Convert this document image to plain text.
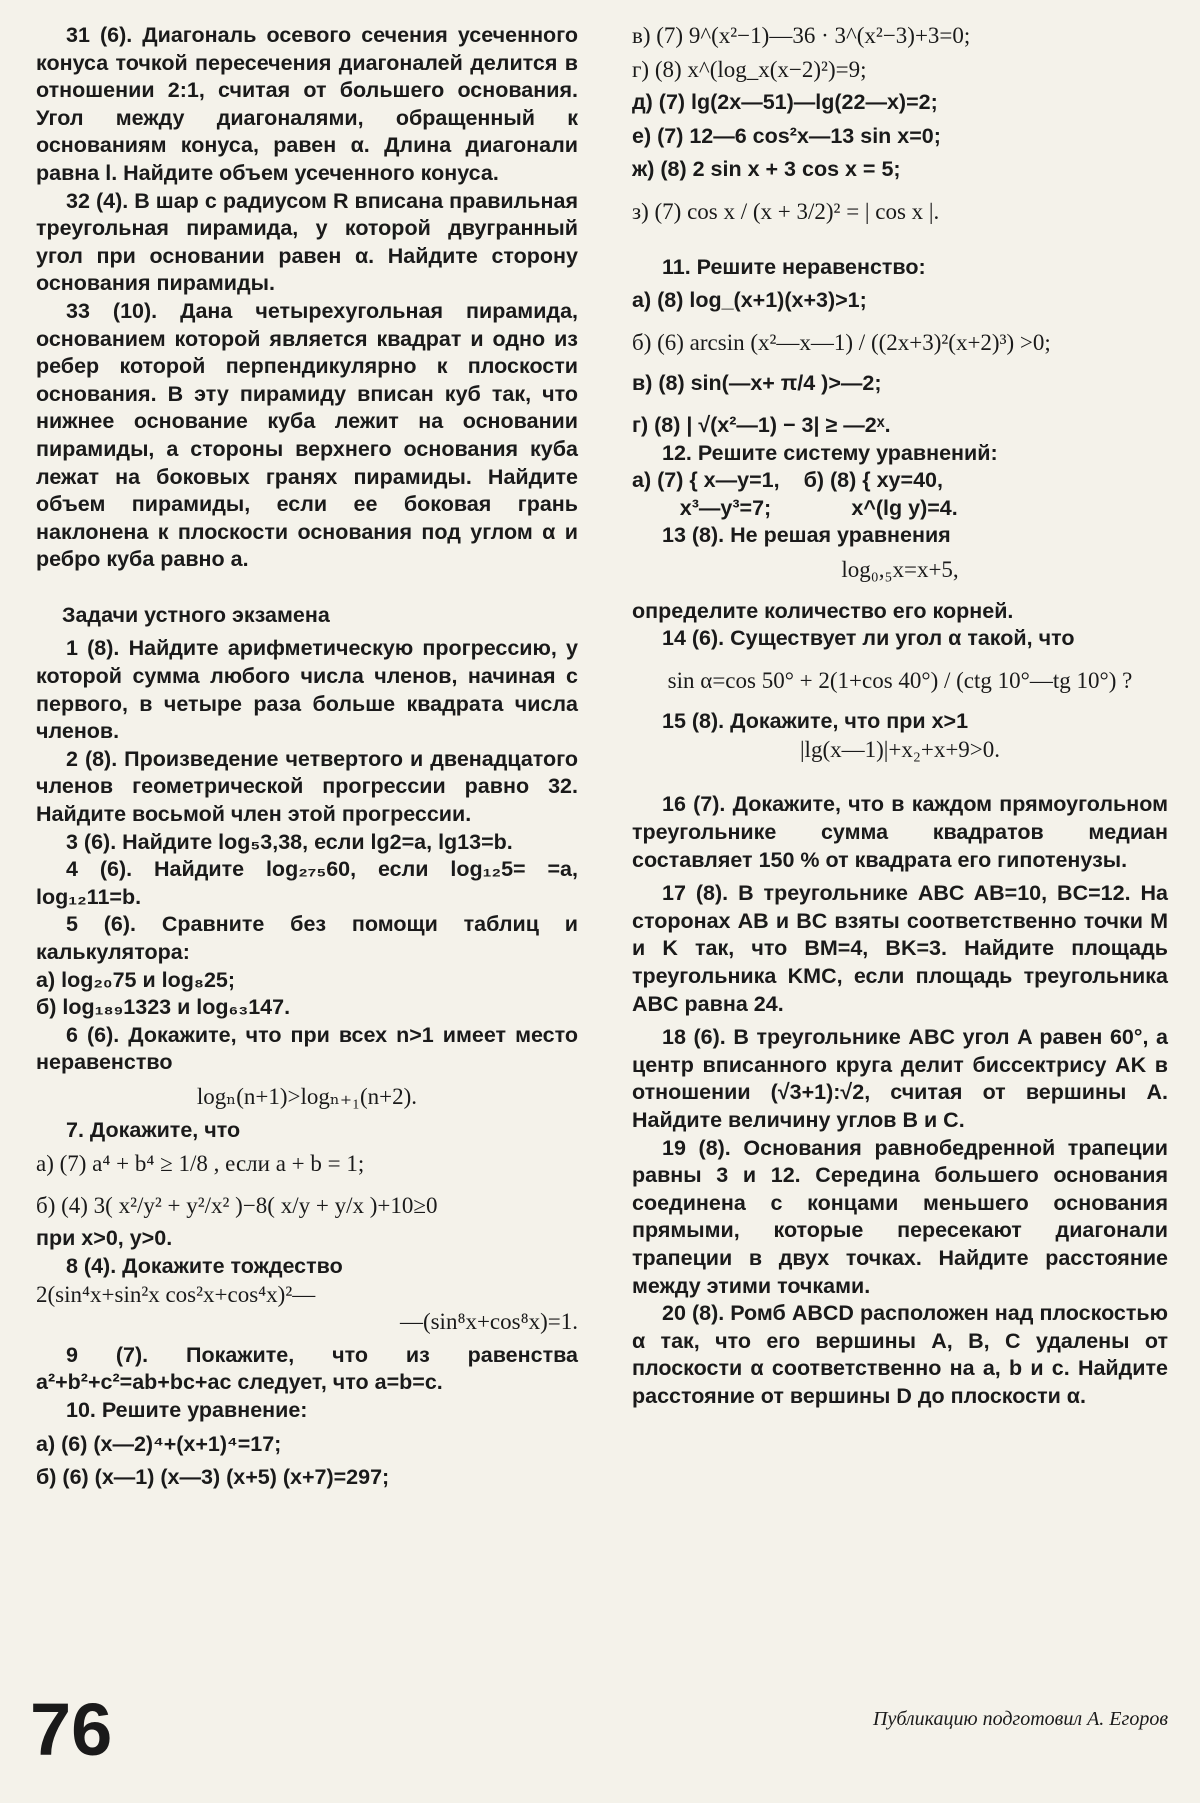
31 (6). Диагональ осевого сечения усеченного конуса точкой пересечения диагоналей делится в отношении 2:1, считая от большего основания. Угол между диагоналями, обращенный к основаниям конуса, равен α. Длина диагонали равна l. Найдите объем усеченного конуса.

32 (4). В шар с радиусом R вписана правильная треугольная пирамида, у которой двугранный угол при основании равен α. Найдите сторону основания пирамиды.

33 (10). Дана четырехугольная пирамида, основанием которой является квадрат и одно из ребер которой перпендикулярно к плоскости основания. В эту пирамиду вписан куб так, что нижнее основание куба лежит на основании пирамиды, а стороны верхнего основания куба лежат на боковых гранях пирамиды. Найдите объем пирамиды, если ее боковая грань наклонена к плоскости основания под углом α и ребро куба равно a.

Задачи устного экзамена

1 (8). Найдите арифметическую прогрессию, у которой сумма любого числа членов, начиная с первого, в четыре раза больше квадрата числа членов.

2 (8). Произведение четвертого и двенадцатого членов геометрической прогрессии равно 32. Найдите восьмой член этой прогрессии.

3 (6). Найдите log₅3,38, если lg2=a, lg13=b.

4 (6). Найдите log₂₇₅60, если log₁₂5= =a, log₁₂11=b.

5 (6). Сравните без помощи таблиц и калькулятора:

а) log₂₀75 и log₈25;

б) log₁₈₉1323 и log₆₃147.

6 (6). Докажите, что при всех n>1 имеет место неравенство

logₙ(n+1)>logₙ₊₁(n+2).

7. Докажите, что

а) (7) a⁴ + b⁴ ≥ 1/8 , если a + b = 1;

б) (4) 3( x²/y² + y²/x² )−8( x/y + y/x )+10≥0

при x>0, y>0.

8 (4). Докажите тождество

2(sin⁴x+sin²x cos²x+cos⁴x)²—

—(sin⁸x+cos⁸x)=1.

9 (7). Покажите, что из равенства a²+b²+c²=ab+bc+ac следует, что a=b=c.

10. Решите уравнение:

а) (6) (x—2)⁴+(x+1)⁴=17;

б) (6) (x—1) (x—3) (x+5) (x+7)=297;

в) (7) 9^(x²−1)—36 · 3^(x²−3)+3=0;

г) (8) x^(log_x(x−2)²)=9;

д) (7) lg(2x—51)—lg(22—x)=2;

е) (7) 12—6 cos²x—13 sin x=0;

ж) (8) 2 sin x + 3 cos x = 5;

з) (7) cos x / (x + 3/2)² = | cos x |.

11. Решите неравенство:

а) (8) log_(x+1)(x+3)>1;

б) (6) arcsin (x²—x—1) / ((2x+3)²(x+2)³) >0;

в) (8) sin(—x+ π/4 )>—2;

г) (8) | √(x²—1) − 3| ≥ —2ˣ.

12. Решите систему уравнений:

а) (7) { x—y=1,

x³—y³=7;

б) (8) { xy=40,

x^(lg y)=4.

13 (8). Не решая уравнения

log₀,₅x=x+5,

определите количество его корней.

14 (6). Существует ли угол α такой, что

sin α=cos 50° + 2(1+cos 40°) / (ctg 10°—tg 10°) ?

15 (8). Докажите, что при x>1

|lg(x—1)|+x₂+x+9>0.

16 (7). Докажите, что в каждом прямоугольном треугольнике сумма квадратов медиан составляет 150 % от квадрата его гипотенузы.

17 (8). В треугольнике ABC AB=10, BC=12. На сторонах AB и BC взяты соответственно точки M и K так, что BM=4, BK=3. Найдите площадь треугольника KMC, если площадь треугольника ABC равна 24.

18 (6). В треугольнике ABC угол A равен 60°, а центр вписанного круга делит биссектрису AK в отношении (√3+1):√2, считая от вершины А. Найдите величину углов B и C.

19 (8). Основания равнобедренной трапеции равны 3 и 12. Середина большего основания соединена с концами меньшего основания прямыми, которые пересекают диагонали трапеции в двух точках. Найдите расстояние между этими точками.

20 (8). Ромб ABCD расположен над плоскостью α так, что его вершины A, B, C удалены от плоскости α соответственно на a, b и c. Найдите расстояние от вершины D до плоскости α.

Публикацию подготовил А. Егоров
76
